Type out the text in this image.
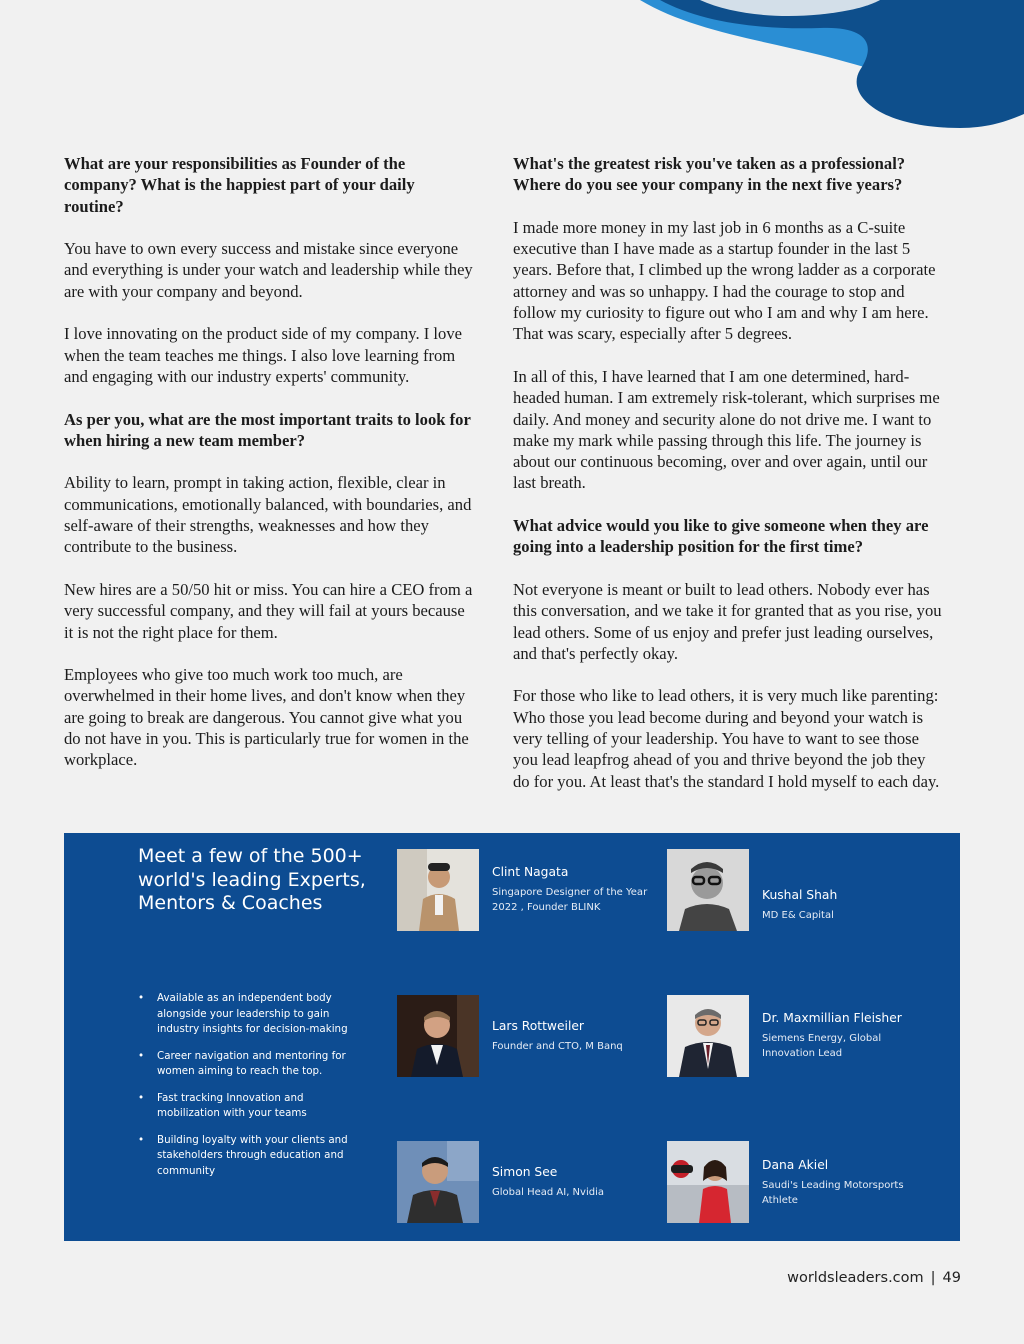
What are your responsibilities as Founder of the company? What is the happiest part of your daily routine?

You have to own every success and mistake since everyone and everything is under your watch and leadership while they are with your company and beyond.

I love innovating on the product side of my company. I love when the team teaches me things. I also love learning from and engaging with our industry experts' community.

As per you, what are the most important traits to look for when hiring a new team member?

Ability to learn, prompt in taking action, flexible, clear in communications, emotionally balanced, with boundaries, and self-aware of their strengths, weaknesses and how they contribute to the business.

New hires are a 50/50 hit or miss. You can hire a CEO from a very successful company, and they will fail at yours because it is not the right place for them.

Employees who give too much work too much, are overwhelmed in their home lives, and don't know when they are going to break are dangerous. You cannot give what you do not have in you. This is particularly true for women in the workplace.

What's the greatest risk you've taken as a professional? Where do you see your company in the next five years?

I made more money in my last job in 6 months as a C-suite executive than I have made as a startup founder in the last 5 years. Before that, I climbed up the wrong ladder as a corporate attorney and was so unhappy. I had the courage to stop and follow my curiosity to figure out who I am and why I am here. That was scary, especially after 5 degrees.

In all of this, I have learned that I am one determined, hard-headed human. I am extremely risk-tolerant, which surprises me daily. And money and security alone do not drive me. I want to make my mark while passing through this life. The journey is about our continuous becoming, over and over again, until our last breath.

What advice would you like to give someone when they are going into a leadership position for the first time?

Not everyone is meant or built to lead others. Nobody ever has this conversation, and we take it for granted that as you rise, you lead others. Some of us enjoy and prefer just leading ourselves, and that's perfectly okay.

For those who like to lead others, it is very much like parenting: Who those you lead become during and beyond your watch is very telling of your leadership. You have to want to see those you lead leapfrog ahead of you and thrive beyond the job they do for you. At least that's the standard I hold myself to each day.

Meet a few of the 500+ world's leading Experts, Mentors & Coaches
• Available as an independent body alongside your leadership to gain industry insights for decision-making
• Career navigation and mentoring for women aiming to reach the top.
• Fast tracking Innovation and mobilization with your teams
• Building loyalty with your clients and stakeholders through education and community
Clint Nagata
Singapore Designer of the Year 2022 , Founder BLINK
Kushal Shah
MD E& Capital
Lars Rottweiler
Founder and CTO, M Banq
Dr. Maxmillian Fleisher
Siemens Energy, Global Innovation Lead
Simon See
Global Head AI, Nvidia
Dana Akiel
Saudi's Leading Motorsports Athlete
worldsleaders.com | 49
